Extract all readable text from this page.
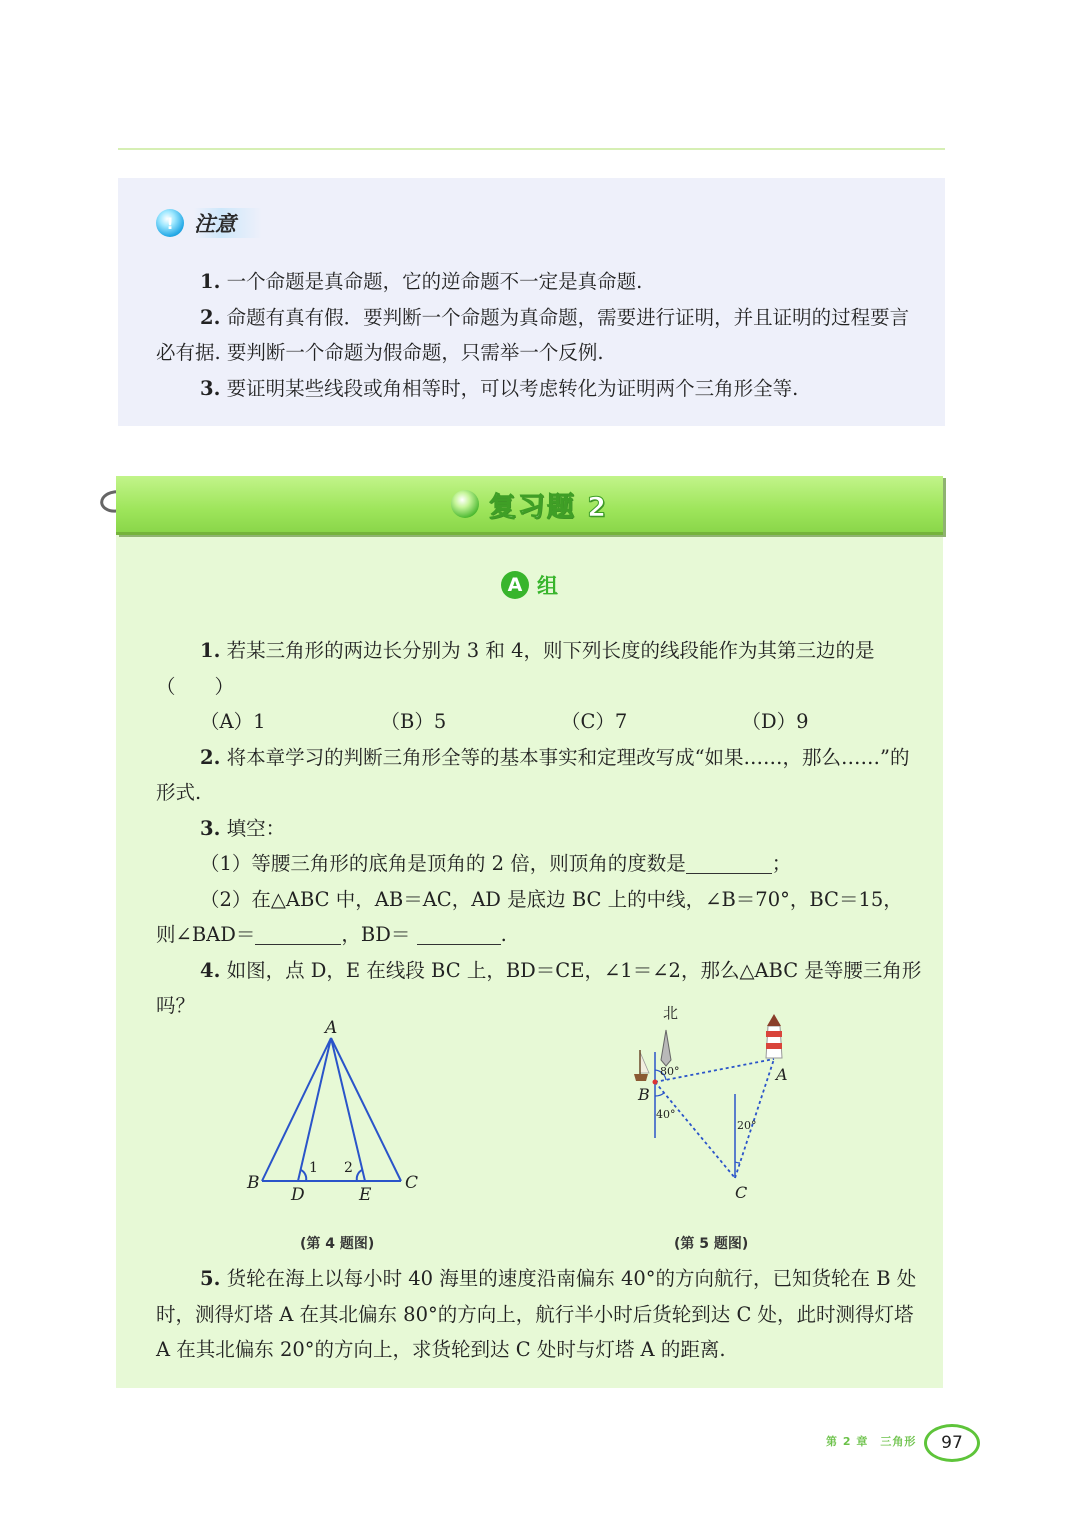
! 注意

1. 一个命题是真命题，它的逆命题不一定是真命题.

2. 命题有真有假．要判断一个命题为真命题，需要进行证明，并且证明的过程要言必有据. 要判断一个命题为假命题，只需举一个反例.

3. 要证明某些线段或角相等时，可以考虑转化为证明两个三角形全等.

复习题 2
A 组

1. 若某三角形的两边长分别为 3 和 4，则下列长度的线段能作为其第三边的是（　　）

（A）1	（B）5	（C）7	（D）9

2. 将本章学习的判断三角形全等的基本事实和定理改写成“如果……，那么……”的形式.

3. 填空：

（1）等腰三角形的底角是顶角的 2 倍，则顶角的度数是	；

（2）在△ABC 中，AB＝AC，AD 是底边 BC 上的中线，∠B＝70°，BC＝15，则∠BAD＝	，BD＝	.

4. 如图，点 D，E 在线段 BC 上，BD＝CE，∠1＝∠2，那么△ABC 是等腰三角形吗？

A
B	C
D	E
1 2
(第 4 题图)
北
A
B
C
80°
40°
20°
(第 5 题图)

5. 货轮在海上以每小时 40 海里的速度沿南偏东 40°的方向航行，已知货轮在 B 处时，测得灯塔 A 在其北偏东 80°的方向上，航行半小时后货轮到达 C 处，此时测得灯塔 A 在其北偏东 20°的方向上，求货轮到达 C 处时与灯塔 A 的距离.

第 2 章　三角形	97
